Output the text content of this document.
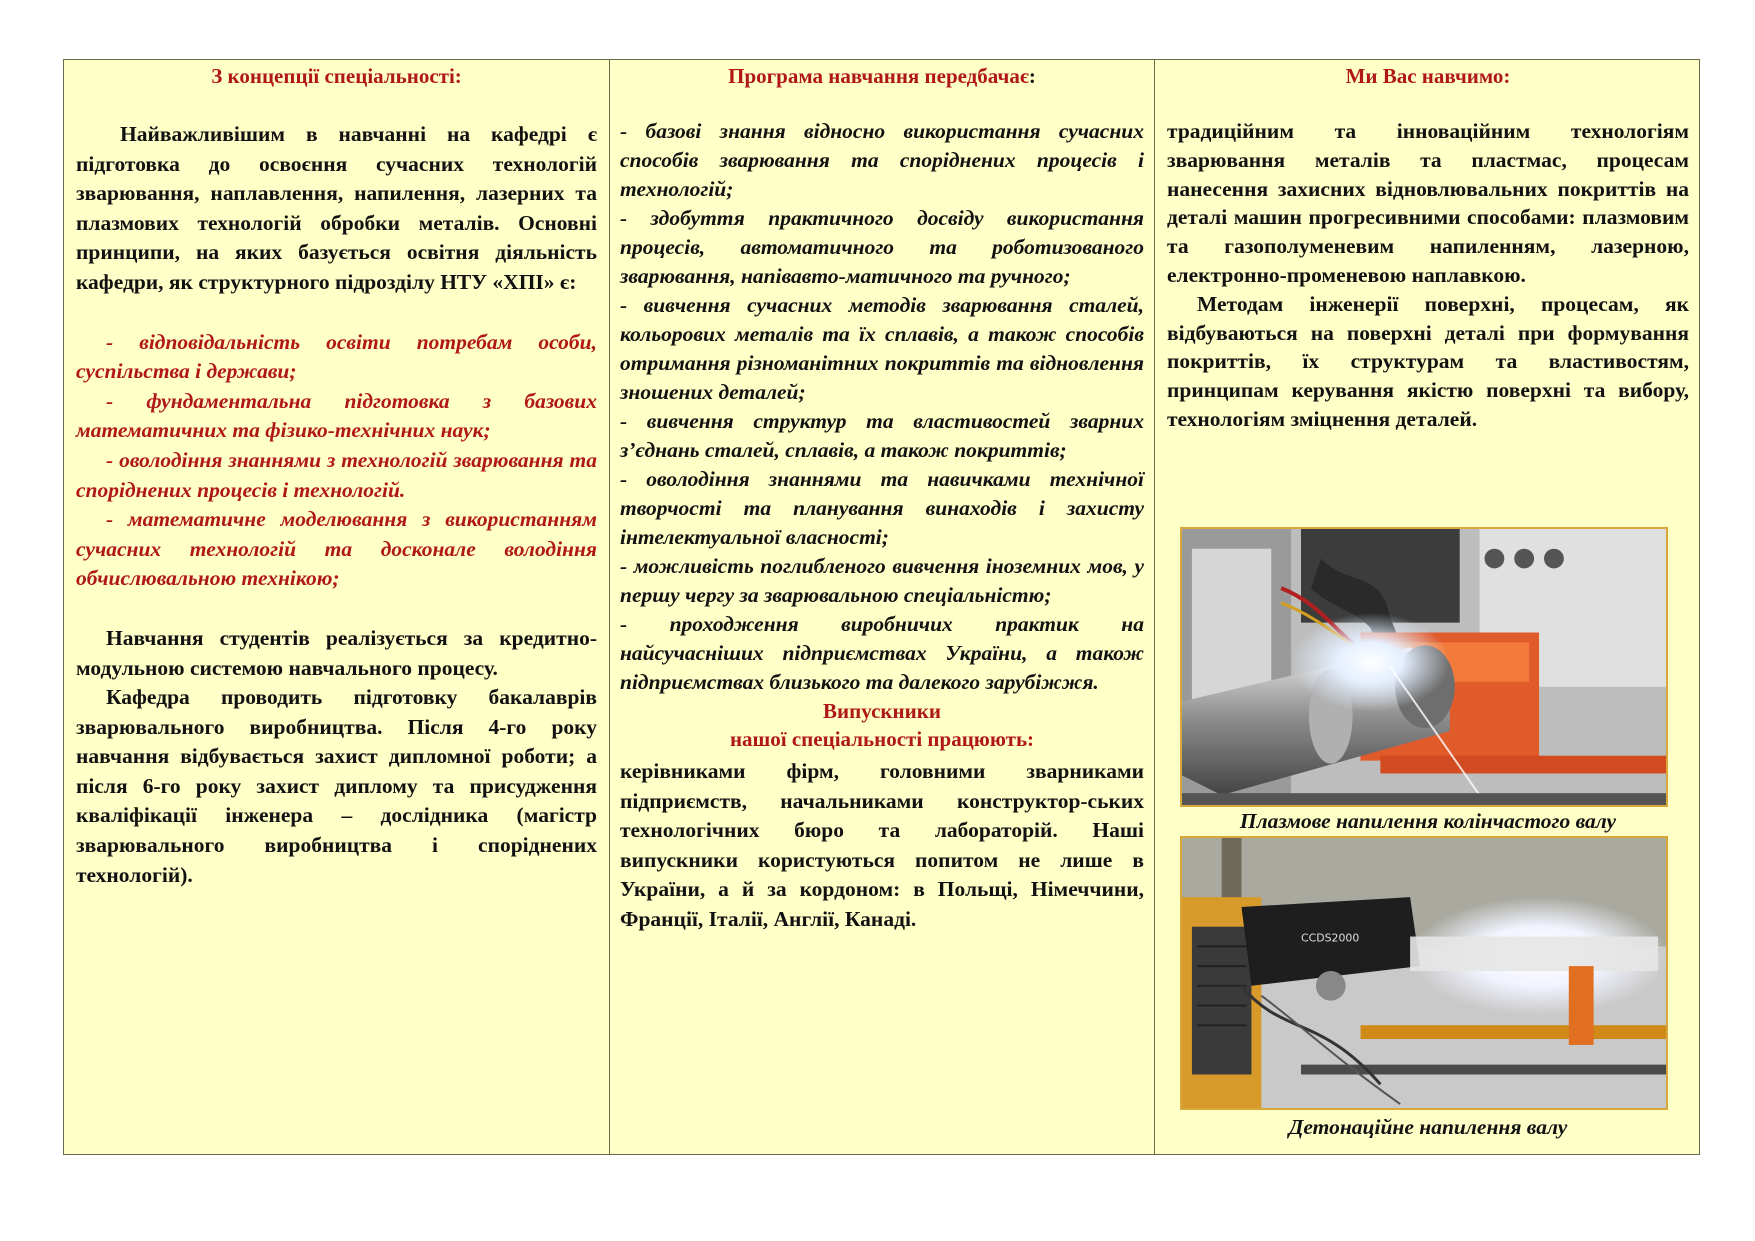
З концепції спеціальності:

Найважливішим в навчанні на кафедрі є підготовка до освоєння сучасних технологій зварювання, наплавлення, напилення, лазерних та плазмових технологій обробки металів. Основні принципи, на яких базується освітня діяльність кафедри, як структурного підрозділу НТУ «ХПІ» є:

- відповідальність освіти потребам особи, суспільства і держави;

- фундаментальна підготовка з базових математичних та фізико-технічних наук;

- оволодіння знаннями з технологій зварювання та споріднених процесів і технологій.

- математичне моделювання з використанням сучасних технологій та досконале володіння обчислювальною технікою;

Навчання студентів реалізується за кредитно-модульною системою навчального процесу.

Кафедра проводить підготовку бакалаврів зварювального виробництва. Після 4-го року навчання відбувається захист дипломної роботи; а після 6-го року захист диплому та присудження кваліфікації інженера – дослідника (магістр зварювального виробництва і споріднених технологій).

Програма навчання передбачає:

- базові знання відносно використання сучасних способів зварювання та споріднених процесів і технологій;

- здобуття практичного досвіду використання процесів, автоматичного та роботизованого зварювання, напівавто-матичного та ручного;

- вивчення сучасних методів зварювання сталей, кольорових металів та їх сплавів, а також способів отримання різноманітних покриттів та відновлення зношених деталей;

- вивчення структур та властивостей зварних з’єднань сталей, сплавів, а також покриттів;

- оволодіння знаннями та навичками технічної творчості та планування винаходів і захисту інтелектуальної власності;

- можливість поглибленого вивчення іноземних мов, у першу чергу за зварювальною спеціальністю;

- проходження виробничих практик на найсучасніших підприємствах України, а також підприємствах близького та далекого зарубіжжя.

Випускники

нашої спеціальності працюють:

керівниками фірм, головними зварниками підприємств, начальниками конструктор-ських технологічних бюро та лабораторій. Наші випускники користуються попитом не лише в України, а й за кордоном: в Польщі, Німеччини, Франції, Італії, Англії, Канаді.

Ми Вас навчимо:

традиційним та інноваційним технологіям зварювання металів та пластмас, процесам нанесення захисних відновлювальних покриттів на деталі машин прогресивними способами: плазмовим та газополуменевим напиленням, лазерною, електронно-променевою наплавкою.

Методам інженерії поверхні, процесам, як відбуваються на поверхні деталі при формування покриттів, їх структурам та властивостям, принципам керування якістю поверхні та вибору, технологіям зміцнення деталей.

Плазмове напилення колінчастого валу

CCDS2000

Детонаційне напилення валу
